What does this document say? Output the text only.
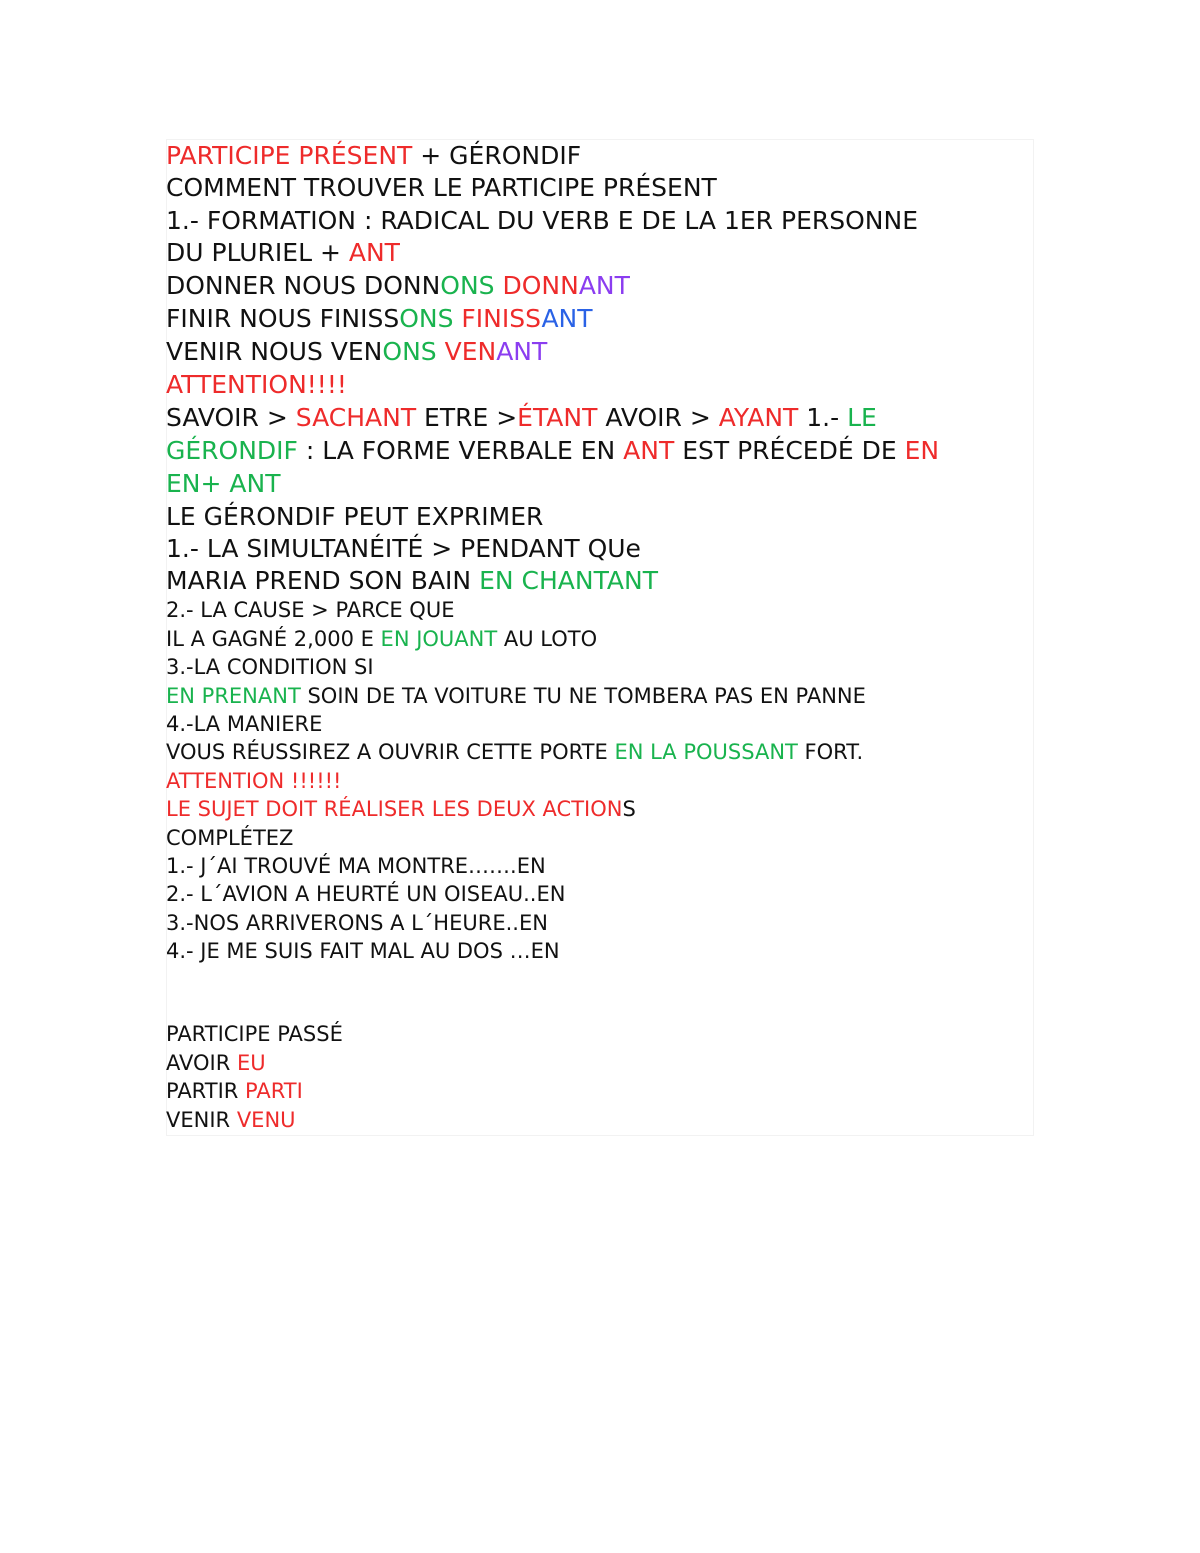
PARTICIPE PRÉSENT + GÉRONDIF
COMMENT TROUVER LE PARTICIPE PRÉSENT
1.- FORMATION : RADICAL DU VERB E DE LA 1ER PERSONNE
DU PLURIEL + ANT
DONNER NOUS DONNONS DONNANT
FINIR NOUS FINISSONS FINISSANT
VENIR NOUS VENONS VENANT
ATTENTION!!!!
SAVOIR > SACHANT ETRE >ÉTANT AVOIR > AYANT 1.- LE
GÉRONDIF : LA FORME VERBALE EN ANT EST PRÉCEDÉ DE EN
EN+ ANT
LE GÉRONDIF PEUT EXPRIMER
1.- LA SIMULTANÉITÉ > PENDANT QUe
MARIA PREND SON BAIN EN CHANTANT
2.- LA CAUSE > PARCE QUE
IL A GAGNÉ 2,000 E EN JOUANT AU LOTO
3.-LA CONDITION SI
EN PRENANT SOIN DE TA VOITURE TU NE TOMBERA PAS EN PANNE
4.-LA MANIERE
VOUS RÉUSSIREZ A OUVRIR CETTE PORTE EN LA POUSSANT FORT.
ATTENTION !!!!!!
LE SUJET DOIT RÉALISER LES DEUX ACTIONS
COMPLÉTEZ
1.- J´AI TROUVÉ MA MONTRE…….EN
2.- L´AVION A HEURTÉ UN OISEAU..EN
3.-NOS ARRIVERONS A L´HEURE..EN
4.- JE ME SUIS FAIT MAL AU DOS …EN
PARTICIPE PASSÉ
AVOIR EU
PARTIR PARTI
VENIR VENU
